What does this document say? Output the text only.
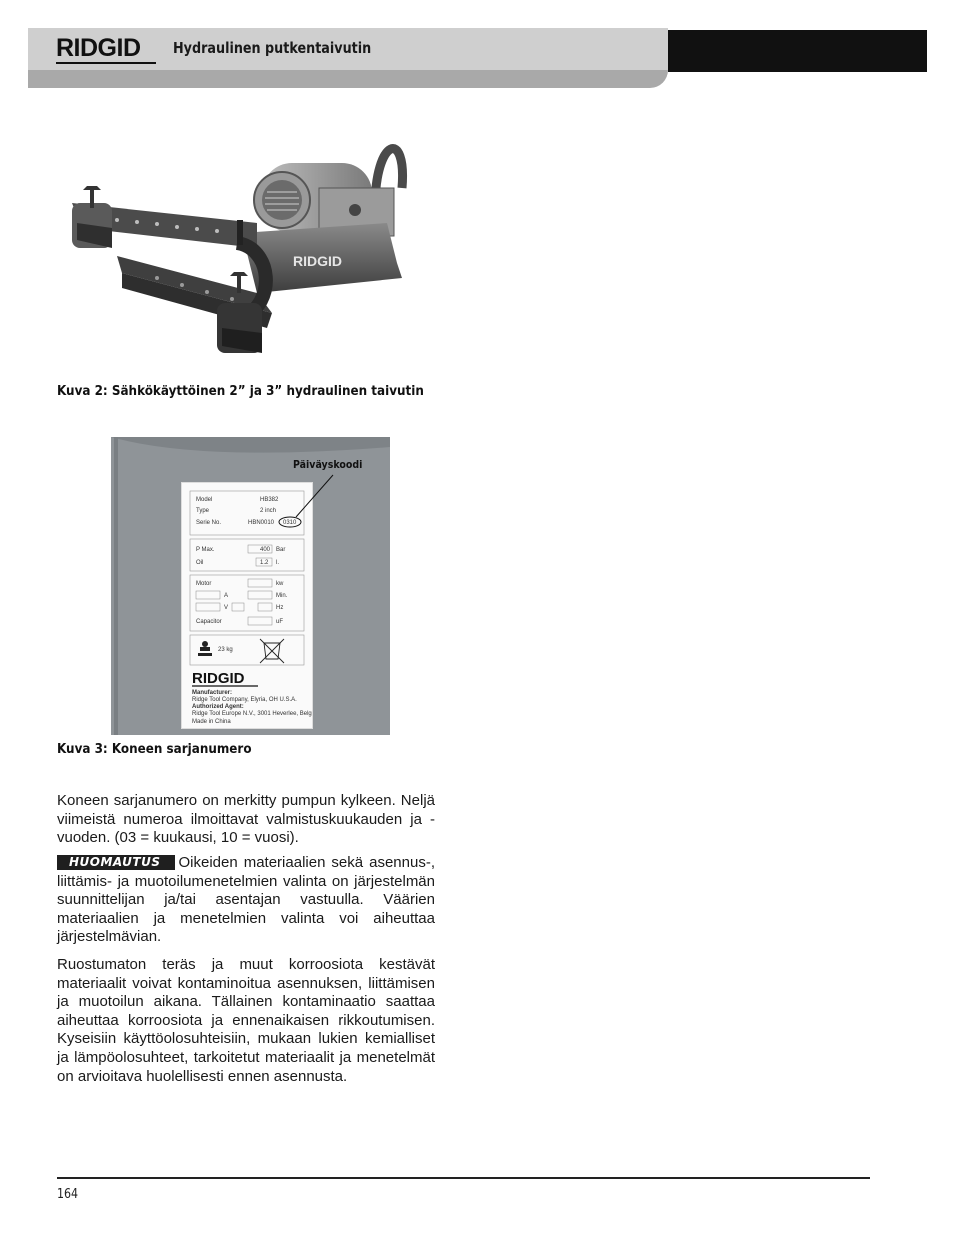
RIDGID Hydraulinen putkentaivutin
RIDGID
Kuva 2: Sähkökäyttöinen 2” ja 3” hydraulinen taivutin
Model	HB382
Type	2 inch
Serie No.	HBN0010 0310
P Max.	400 Bar
Oil	1.2 l.
Motor	kw
A	Min.
V	Hz
Capacitor	uF
23 kg
RIDGID
Manufacturer:
Ridge Tool Company, Elyria, OH U.S.A.
Authorized Agent:
Ridge Tool Europe N.V., 3001 Heverlee, Belgium
Made in China
Päiväyskoodi
Kuva 3: Koneen sarjanumero

Koneen sarjanumero on merkitty pumpun kylkeen. Neljä viimeistä numeroa ilmoittavat valmistuskuukauden ja -vuoden. (03 = kuukausi, 10 = vuosi).

HUOMAUTUS Oikeiden materiaalien sekä asennus-, liittämis- ja muotoilumenetelmien valinta on järjestelmän suunnittelijan ja/tai asentajan vastuulla. Väärien materiaalien ja menetelmien valinta voi aiheuttaa järjestelmävian.

Ruostumaton teräs ja muut korroosiota kestävät materiaalit voivat kontaminoitua asennuksen, liittämisen ja muotoilun aikana. Tällainen kontaminaatio saattaa aiheuttaa korroosiota ja ennenaikaisen rikkoutumisen. Kyseisiin käyttöolosuhteisiin, mukaan lukien kemialliset ja lämpöolosuhteet, tarkoitetut materiaalit ja menetelmät on arvioitava huolellisesti ennen asennusta.

164
